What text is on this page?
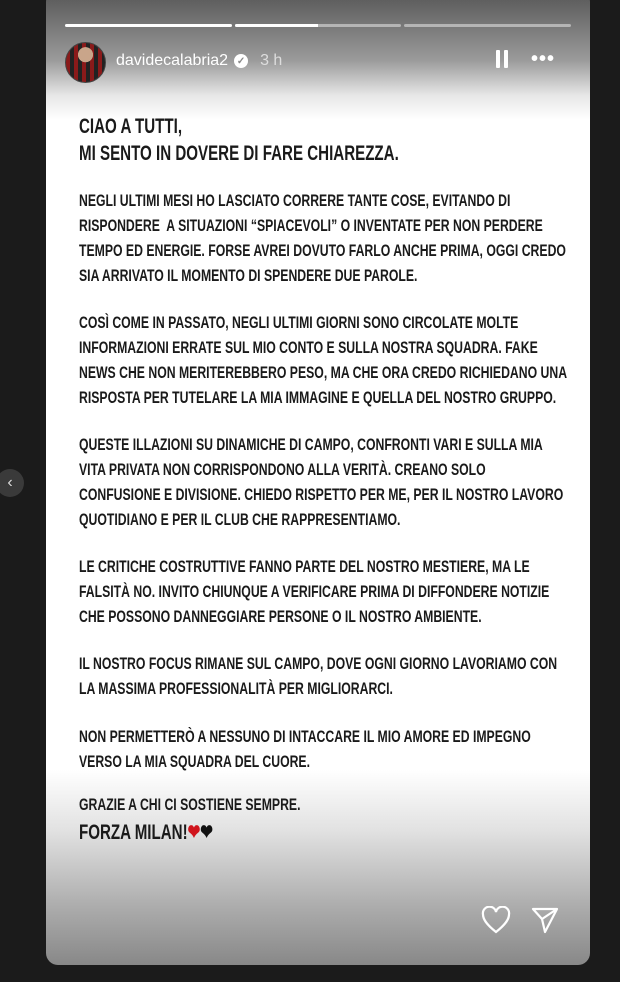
‹
davidecalabria2 ✓ 3 h	•••
CIAO A TUTTI,
MI SENTO IN DOVERE DI FARE CHIAREZZA.
NEGLI ULTIMI MESI HO LASCIATO CORRERE TANTE COSE, EVITANDO DI
RISPONDERE  A SITUAZIONI “SPIACEVOLI” O INVENTATE PER NON PERDERE
TEMPO ED ENERGIE. FORSE AVREI DOVUTO FARLO ANCHE PRIMA, OGGI CREDO
SIA ARRIVATO IL MOMENTO DI SPENDERE DUE PAROLE.
COSÌ COME IN PASSATO, NEGLI ULTIMI GIORNI SONO CIRCOLATE MOLTE
INFORMAZIONI ERRATE SUL MIO CONTO E SULLA NOSTRA SQUADRA. FAKE
NEWS CHE NON MERITEREBBERO PESO, MA CHE ORA CREDO RICHIEDANO UNA
RISPOSTA PER TUTELARE LA MIA IMMAGINE E QUELLA DEL NOSTRO GRUPPO.
QUESTE ILLAZIONI SU DINAMICHE DI CAMPO, CONFRONTI VARI E SULLA MIA
VITA PRIVATA NON CORRISPONDONO ALLA VERITÀ. CREANO SOLO
CONFUSIONE E DIVISIONE. CHIEDO RISPETTO PER ME, PER IL NOSTRO LAVORO
QUOTIDIANO E PER IL CLUB CHE RAPPRESENTIAMO.
LE CRITICHE COSTRUTTIVE FANNO PARTE DEL NOSTRO MESTIERE, MA LE
FALSITÀ NO. INVITO CHIUNQUE A VERIFICARE PRIMA DI DIFFONDERE NOTIZIE
CHE POSSONO DANNEGGIARE PERSONE O IL NOSTRO AMBIENTE.
IL NOSTRO FOCUS RIMANE SUL CAMPO, DOVE OGNI GIORNO LAVORIAMO CON
LA MASSIMA PROFESSIONALITÀ PER MIGLIORARCI.
NON PERMETTERÒ A NESSUNO DI INTACCARE IL MIO AMORE ED IMPEGNO
VERSO LA MIA SQUADRA DEL CUORE.
GRAZIE A CHI CI SOSTIENE SEMPRE.
FORZA MILAN!❤❤
